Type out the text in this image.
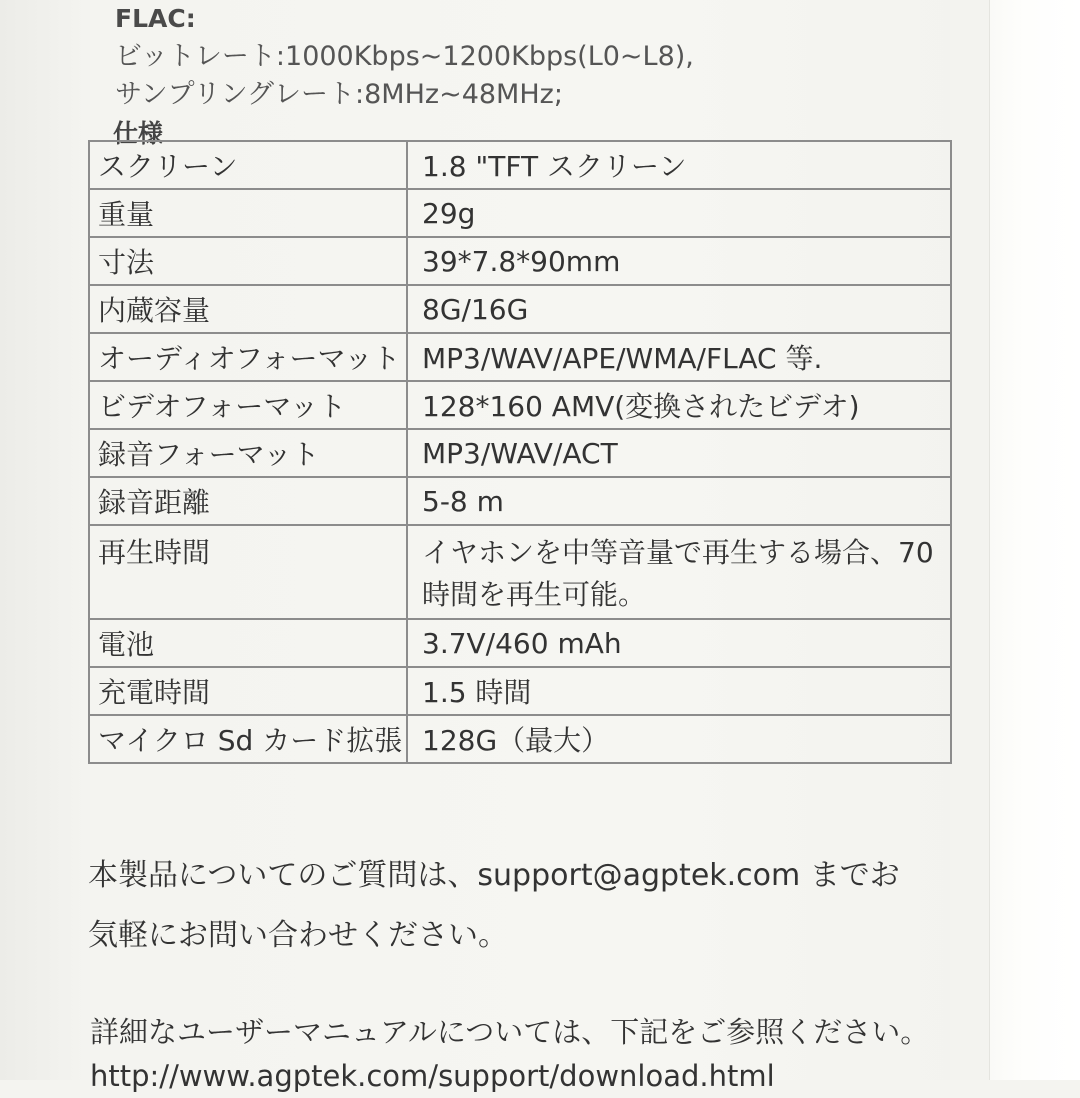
FLAC:
ビットレート:1000Kbps~1200Kbps(L0~L8),
サンプリングレート:8MHz~48MHz;
仕様
スクリーン	1.8 "TFT スクリーン
重量	29g
寸法	39*7.8*90mm
内蔵容量	8G/16G
オーディオフォーマット	MP3/WAV/APE/WMA/FLAC 等.
ビデオフォーマット	128*160 AMV(変換されたビデオ)
録音フォーマット	MP3/WAV/ACT
録音距離	5-8 m
再生時間	イヤホンを中等音量で再生する場合、70 時間を再生可能。
電池	3.7V/460 mAh
充電時間	1.5 時間
マイクロ Sd カード拡張	128G（最大）
本製品についてのご質問は、support@agptek.com までお
気軽にお問い合わせください。
詳細なユーザーマニュアルについては、下記をご参照ください。
http://www.agptek.com/support/download.html
